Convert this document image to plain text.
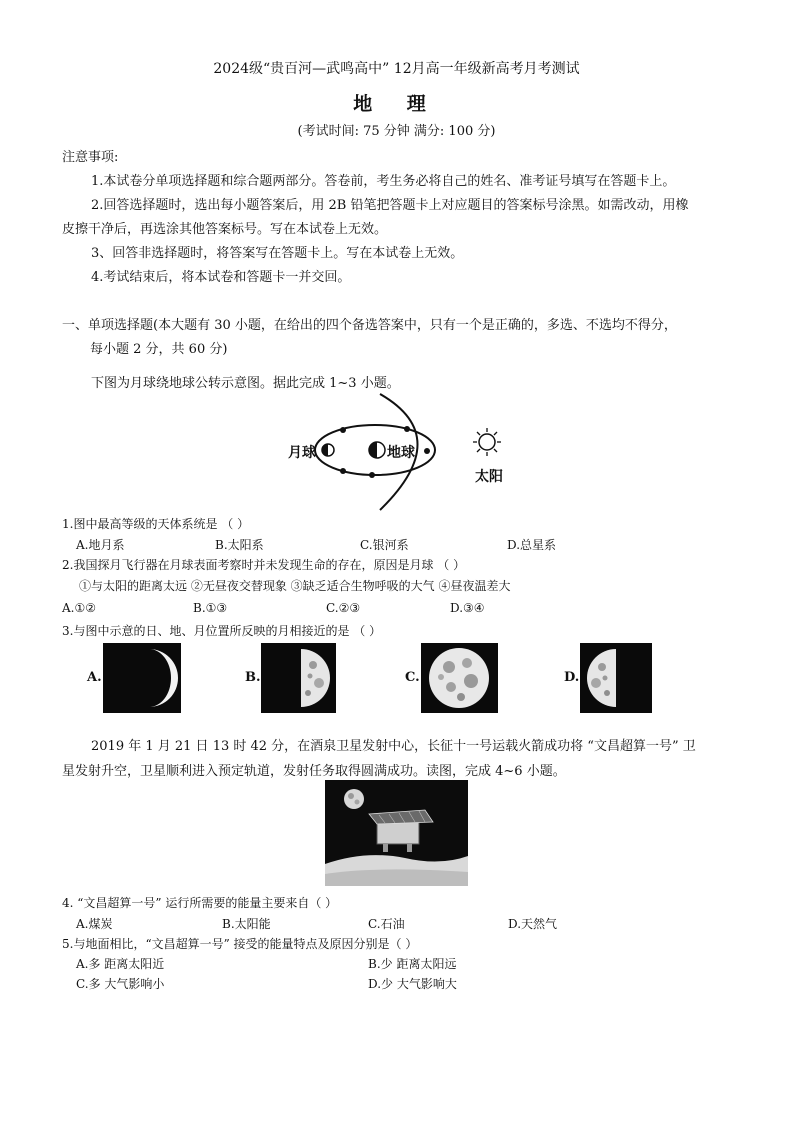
2024级“贵百河—武鸣高中” 12月高一年级新高考月考测试
地 理
(考试时间: 75 分钟 满分: 100 分)
注意事项:
1.本试卷分单项选择题和综合题两部分。答卷前，考生务必将自己的姓名、准考证号填写在答题卡上。
2.回答选择题时，选出每小题答案后，用 2B 铅笔把答题卡上对应题目的答案标号涂黑。如需改动，用橡
皮擦干净后，再选涂其他答案标号。写在本试卷上无效。
3、回答非选择题时，将答案写在答题卡上。写在本试卷上无效。
4.考试结束后，将本试卷和答题卡一并交回。
一、单项选择题(本大题有 30 小题，在给出的四个备选答案中，只有一个是正确的，多选、不选均不得分，
每小题 2 分，共 60 分)
下图为月球绕地球公转示意图。据此完成 1~3 小题。
月球	地球
太阳
1.图中最高等级的天体系统是 （ ）
A.地月系	B.太阳系	C.银河系	D.总星系
2.我国探月飞行器在月球表面考察时并未发现生命的存在，原因是月球 （ ）
①与太阳的距离太远 ②无昼夜交替现象 ③缺乏适合生物呼吸的大气 ④昼夜温差大
A.①②	B.①③	C.②③	D.③④
3.与图中示意的日、地、月位置所反映的月相接近的是 （ ）
A.	B.	C.	D.
2019 年 1 月 21 日 13 时 42 分，在酒泉卫星发射中心，长征十一号运载火箭成功将 “文昌超算一号” 卫
星发射升空，卫星顺利进入预定轨道，发射任务取得圆满成功。读图，完成 4~6 小题。
4. “文昌超算一号” 运行所需要的能量主要来自（ ）
A.煤炭	B.太阳能	C.石油	D.天然气
5.与地面相比，“文昌超算一号” 接受的能量特点及原因分别是（ ）
A.多 距离太阳近	B.少 距离太阳远
C.多 大气影响小	D.少 大气影响大
